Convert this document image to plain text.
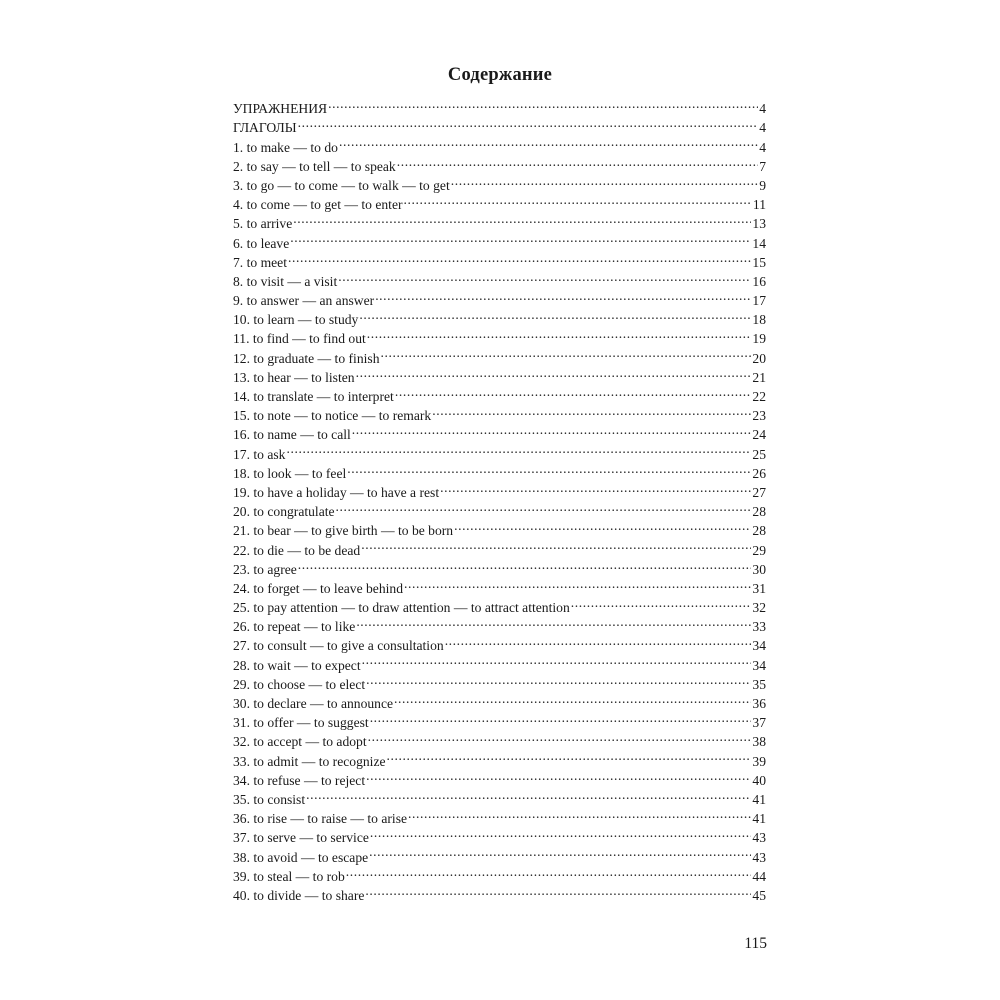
Содержание
УПРАЖНЕНИЯ .....	4
ГЛАГОЛЫ .....	4
1. to make — to do .....	4
2. to say — to tell — to speak .....	7
3. to go — to come — to walk — to get .....	9
4. to come — to get — to enter .....	11
5. to arrive .....	13
6. to leave .....	14
7. to meet .....	15
8. to visit — a visit .....	16
9. to answer — an answer .....	17
10. to learn — to study .....	18
11. to find — to find out .....	19
12. to graduate — to finish .....	20
13. to hear — to listen .....	21
14. to translate — to interpret .....	22
15. to note — to notice — to remark .....	23
16. to name — to call .....	24
17. to ask .....	25
18. to look — to feel .....	26
19. to have a holiday — to have a rest .....	27
20. to congratulate .....	28
21. to bear — to give birth — to be born .....	28
22. to die — to be dead .....	29
23. to agree .....	30
24. to forget — to leave behind .....	31
25. to pay attention — to draw attention — to attract attention .....	32
26. to repeat — to like .....	33
27. to consult — to give a consultation .....	34
28. to wait — to expect .....	34
29. to choose — to elect .....	35
30. to declare — to announce .....	36
31. to offer — to suggest .....	37
32. to accept — to adopt .....	38
33. to admit — to recognize .....	39
34. to refuse — to reject .....	40
35. to consist .....	41
36. to rise — to raise — to arise .....	41
37. to serve — to service .....	43
38. to avoid — to escape .....	43
39. to steal — to rob .....	44
40. to divide — to share .....	45
115
